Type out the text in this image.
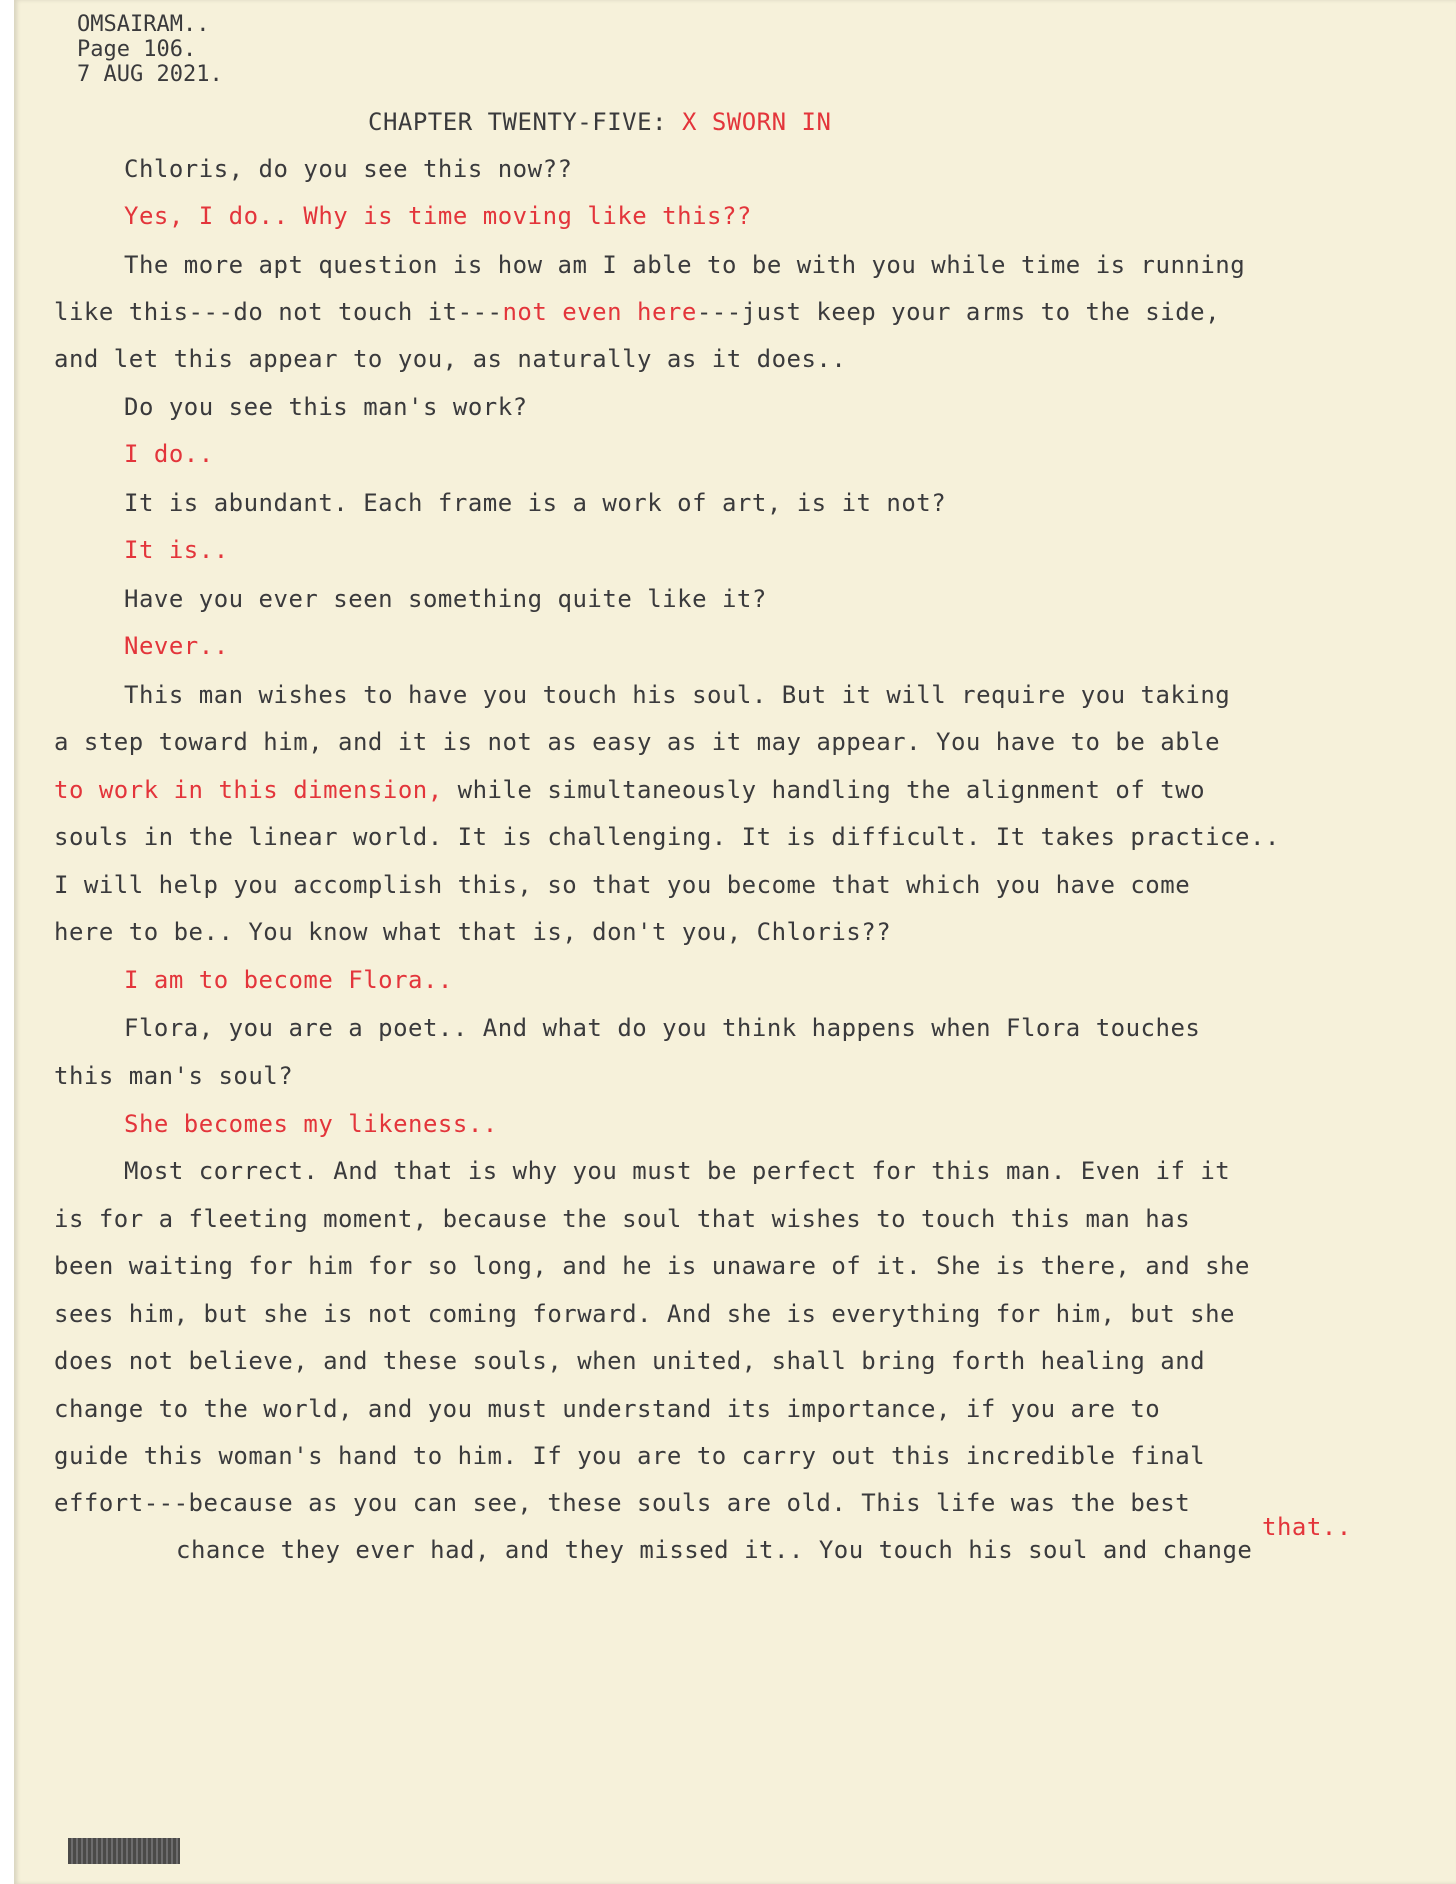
OMSAIRAM..
Page 106.
7 AUG 2021.
CHAPTER TWENTY-FIVE: X SWORN IN
Chloris, do you see this now??
Yes, I do.. Why is time moving like this??
The more apt question is how am I able to be with you while time is running
like this---do not touch it---not even here---just keep your arms to the side,
and let this appear to you, as naturally as it does..
Do you see this man's work?
I do..
It is abundant. Each frame is a work of art, is it not?
It is..
Have you ever seen something quite like it?
Never..
This man wishes to have you touch his soul. But it will require you taking
a step toward him, and it is not as easy as it may appear. You have to be able
to work in this dimension, while simultaneously handling the alignment of two
souls in the linear world. It is challenging. It is difficult. It takes practice..
I will help you accomplish this, so that you become that which you have come
here to be.. You know what that is, don't you, Chloris??
I am to become Flora..
Flora, you are a poet.. And what do you think happens when Flora touches
this man's soul?
She becomes my likeness..
Most correct. And that is why you must be perfect for this man. Even if it
is for a fleeting moment, because the soul that wishes to touch this man has
been waiting for him for so long, and he is unaware of it. She is there, and she
sees him, but she is not coming forward. And she is everything for him, but she
does not believe, and these souls, when united, shall bring forth healing and
change to the world, and you must understand its importance, if you are to
guide this woman's hand to him. If you are to carry out this incredible final
effort---because as you can see, these souls are old. This life was the best
that..
chance they ever had, and they missed it.. You touch his soul and change
